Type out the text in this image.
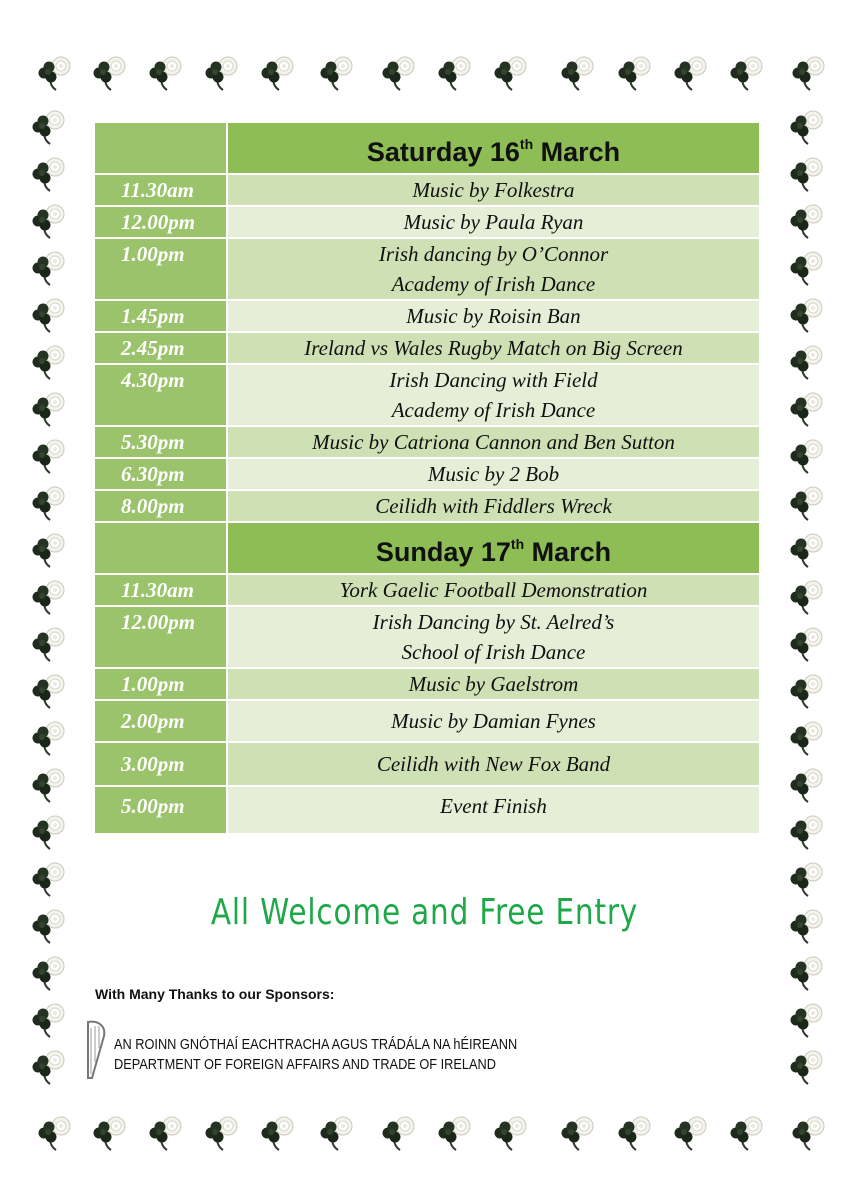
	Saturday 16th March
11.30am	Music by Folkestra

12.00pm	Music by Paula Ryan

1.00pm	Irish dancing by O’Connor
Academy of Irish Dance

1.45pm	Music by Roisin Ban

2.45pm	Ireland vs Wales Rugby Match on Big Screen

4.30pm	Irish Dancing with Field
Academy of Irish Dance

5.30pm	Music by Catriona Cannon and Ben Sutton

6.30pm	Music by 2 Bob

8.00pm	Ceilidh with Fiddlers Wreck

	Sunday 17th March
11.30am	York Gaelic Football Demonstration

12.00pm	Irish Dancing by St. Aelred’s
School of Irish Dance

1.00pm	Music by Gaelstrom

2.00pm	Music by Damian Fynes

3.00pm	Ceilidh with New Fox Band

5.00pm	Event Finish
All Welcome and Free Entry
With Many Thanks to our Sponsors:
AN ROINN GNÓTHAÍ EACHTRACHA AGUS TRÁDÁLA NA hÉIREANN
DEPARTMENT OF FOREIGN AFFAIRS AND TRADE OF IRELAND
